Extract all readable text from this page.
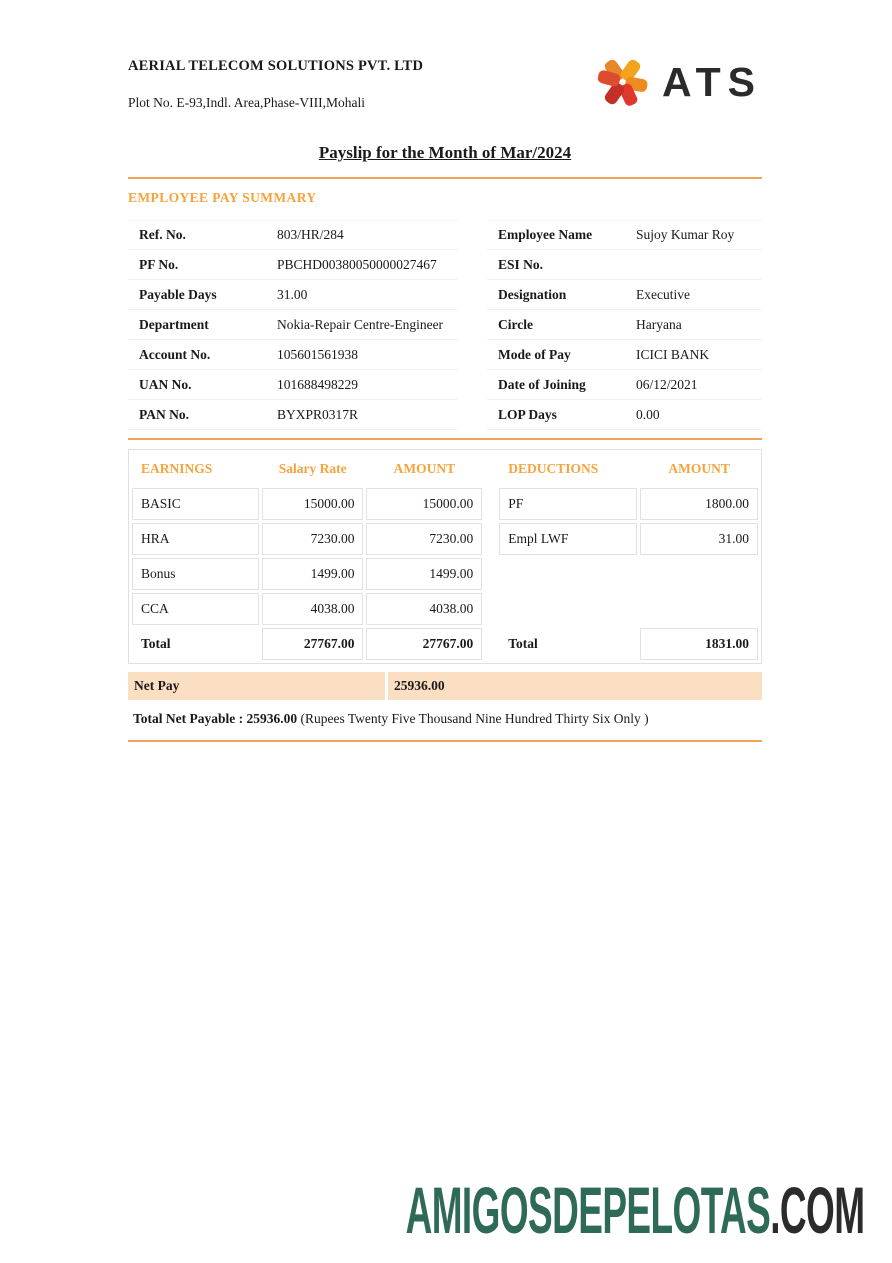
AERIAL TELECOM SOLUTIONS PVT. LTD
Plot No. E-93,Indl. Area,Phase-VIII,Mohali	ATS
Payslip for the Month of Mar/2024
EMPLOYEE PAY SUMMARY
Ref. No.	803/HR/284
PF No.	PBCHD00380050000027467
Payable Days	31.00
Department	Nokia-Repair Centre-Engineer
Account No.	105601561938
UAN No.	101688498229
PAN No.	BYXPR0317R
Employee Name	Sujoy Kumar Roy
ESI No.
Designation	Executive
Circle	Haryana
Mode of Pay	ICICI BANK
Date of Joining	06/12/2021
LOP Days	0.00
EARNINGS	Salary Rate	AMOUNT		DEDUCTIONS	AMOUNT
BASIC	15000.00	15000.00		PF	1800.00
HRA	7230.00	7230.00		Empl LWF	31.00
Bonus	1499.00	1499.00			
CCA	4038.00	4038.00			
Total	27767.00	27767.00		Total	1831.00
Net Pay	25936.00
Total Net Payable : 25936.00 (Rupees Twenty Five Thousand Nine Hundred Thirty Six Only )
AMIGOSDEPELOTAS.COM
